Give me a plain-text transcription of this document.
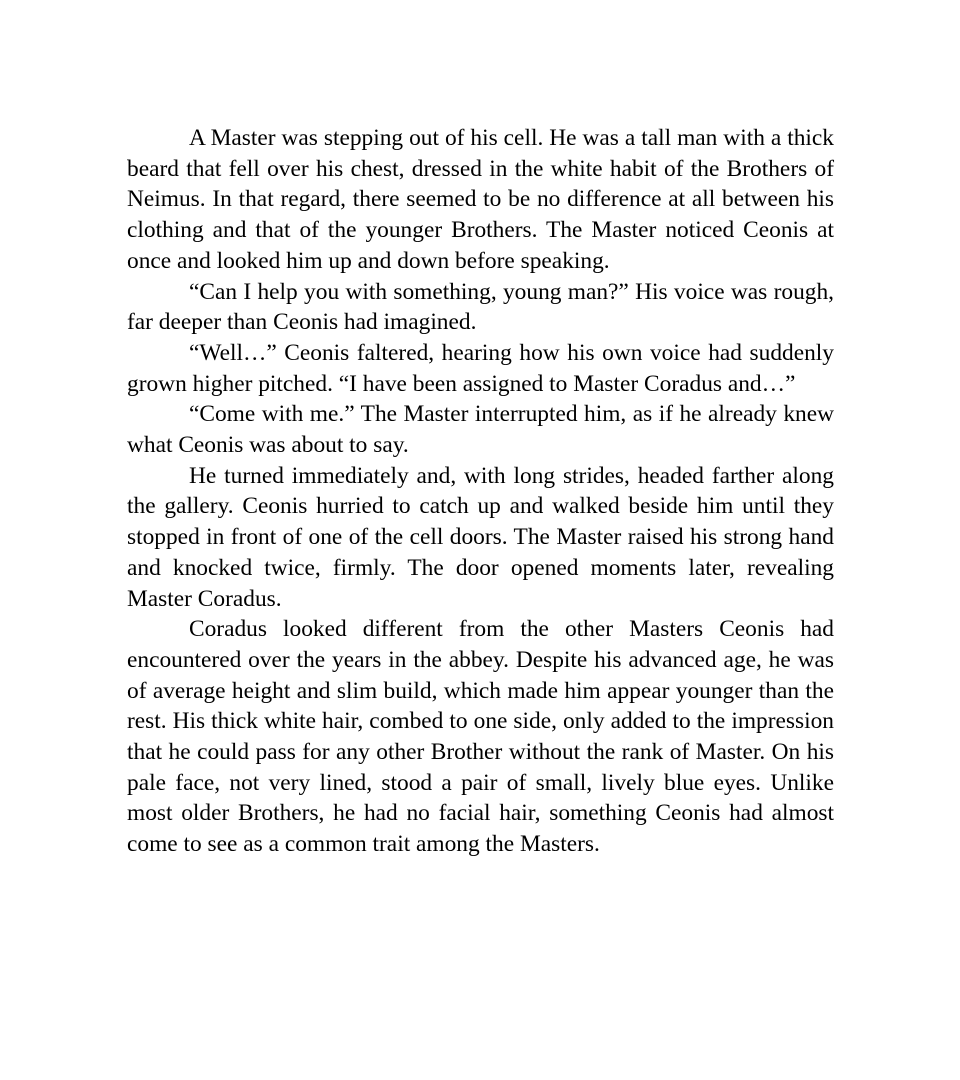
A Master was stepping out of his cell. He was a tall man with a thick beard that fell over his chest, dressed in the white habit of the Brothers of Neimus. In that regard, there seemed to be no difference at all between his clothing and that of the younger Brothers. The Master noticed Ceonis at once and looked him up and down before speaking.

“Can I help you with something, young man?” His voice was rough, far deeper than Ceonis had imagined.

“Well…” Ceonis faltered, hearing how his own voice had suddenly grown higher pitched. “I have been assigned to Master Coradus and…”

“Come with me.” The Master interrupted him, as if he already knew what Ceonis was about to say.

He turned immediately and, with long strides, headed farther along the gallery. Ceonis hurried to catch up and walked beside him until they stopped in front of one of the cell doors. The Master raised his strong hand and knocked twice, firmly. The door opened moments later, revealing Master Coradus.

Coradus looked different from the other Masters Ceonis had encountered over the years in the abbey. Despite his advanced age, he was of average height and slim build, which made him appear younger than the rest. His thick white hair, combed to one side, only added to the impression that he could pass for any other Brother without the rank of Master. On his pale face, not very lined, stood a pair of small, lively blue eyes. Unlike most older Brothers, he had no facial hair, something Ceonis had almost come to see as a common trait among the Masters.
